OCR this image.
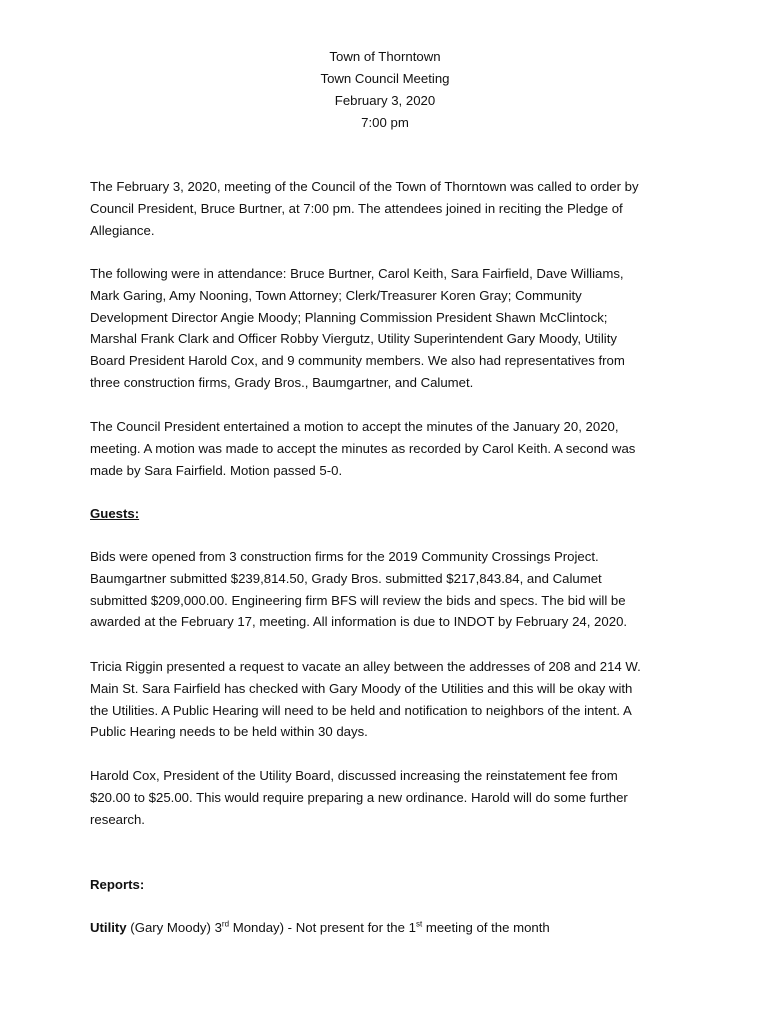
Town of Thorntown
Town Council Meeting
February 3, 2020
7:00 pm
The February 3, 2020, meeting of the Council of the Town of Thorntown was called to order by
Council President, Bruce Burtner, at 7:00 pm. The attendees joined in reciting the Pledge of
Allegiance.
The following were in attendance: Bruce Burtner, Carol Keith, Sara Fairfield, Dave Williams,
Mark Garing, Amy Nooning, Town Attorney; Clerk/Treasurer Koren Gray; Community
Development Director Angie Moody; Planning Commission President Shawn McClintock;
Marshal Frank Clark and Officer Robby Viergutz, Utility Superintendent Gary Moody, Utility
Board President Harold Cox, and 9 community members. We also had representatives from
three construction firms, Grady Bros., Baumgartner, and Calumet.
The Council President entertained a motion to accept the minutes of the January 20, 2020,
meeting. A motion was made to accept the minutes as recorded by Carol Keith. A second was
made by Sara Fairfield. Motion passed 5-0.
Guests:
Bids were opened from 3 construction firms for the 2019 Community Crossings Project.
Baumgartner submitted $239,814.50, Grady Bros. submitted $217,843.84, and Calumet
submitted $209,000.00. Engineering firm BFS will review the bids and specs. The bid will be
awarded at the February 17, meeting. All information is due to INDOT by February 24, 2020.
Tricia Riggin presented a request to vacate an alley between the addresses of 208 and 214 W.
Main St. Sara Fairfield has checked with Gary Moody of the Utilities and this will be okay with
the Utilities. A Public Hearing will need to be held and notification to neighbors of the intent. A
Public Hearing needs to be held within 30 days.
Harold Cox, President of the Utility Board, discussed increasing the reinstatement fee from
$20.00 to $25.00. This would require preparing a new ordinance. Harold will do some further
research.
Reports:
Utility (Gary Moody) 3rd Monday) - Not present for the 1st meeting of the month
